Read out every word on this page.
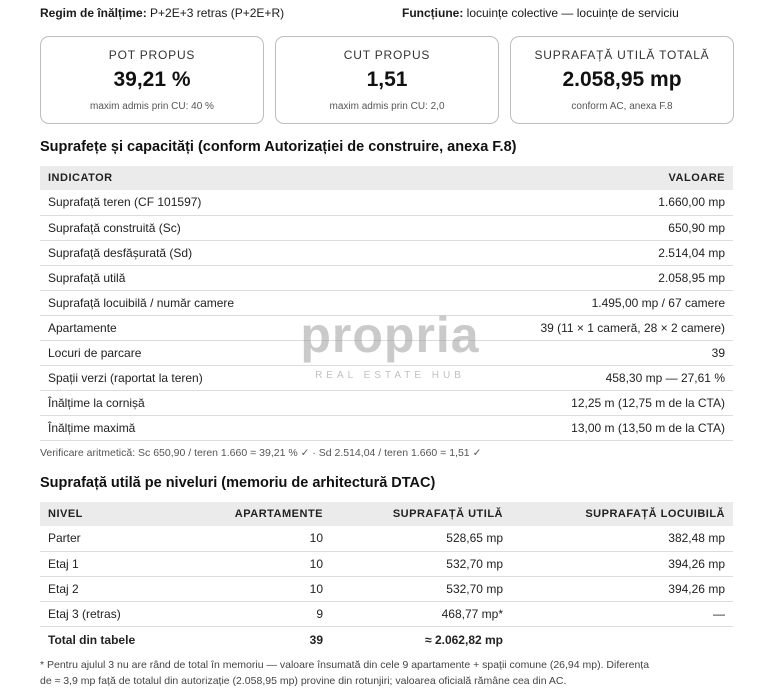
Regim de înălțime: P+2E+3 retras (P+2E+R)	Funcțiune: locuințe colective — locuințe de serviciu
POT PROPUS
39,21 %
maxim admis prin CU: 40 %
CUT PROPUS
1,51
maxim admis prin CU: 2,0
SUPRAFAȚĂ UTILĂ TOTALĂ
2.058,95 mp
conform AC, anexa F.8
Suprafețe și capacități (conform Autorizației de construire, anexa F.8)
INDICATOR	VALOARE
Suprafață teren (CF 101597)	1.660,00 mp
Suprafață construită (Sc)	650,90 mp
Suprafață desfășurată (Sd)	2.514,04 mp
Suprafață utilă	2.058,95 mp
Suprafață locuibilă / număr camere	1.495,00 mp / 67 camere
Apartamente	39 (11 × 1 cameră, 28 × 2 camere)
Locuri de parcare	39
Spații verzi (raportat la teren)	458,30 mp — 27,61 %
Înălțime la cornișă	12,25 m (12,75 m de la CTA)
Înălțime maximă	13,00 m (13,50 m de la CTA)
Verificare aritmetică: Sc 650,90 / teren 1.660 = 39,21 % ✓ · Sd 2.514,04 / teren 1.660 = 1,51 ✓
Suprafață utilă pe niveluri (memoriu de arhitectură DTAC)
NIVEL	APARTAMENTE	SUPRAFAȚĂ UTILĂ	SUPRAFAȚĂ LOCUIBILĂ
Parter	10	528,65 mp	382,48 mp
Etaj 1	10	532,70 mp	394,26 mp
Etaj 2	10	532,70 mp	394,26 mp
Etaj 3 (retras)	9	468,77 mp*	—
Total din tabele	39	≈ 2.062,82 mp	
* Pentru ajulul 3 nu are rând de total în memoriu — valoare însumată din cele 9 apartamente + spații comune (26,94 mp). Diferența
de ≈ 3,9 mp față de totalul din autorizație (2.058,95 mp) provine din rotunjiri; valoarea oficială rămâne cea din AC.
propria
REAL ESTATE HUB
